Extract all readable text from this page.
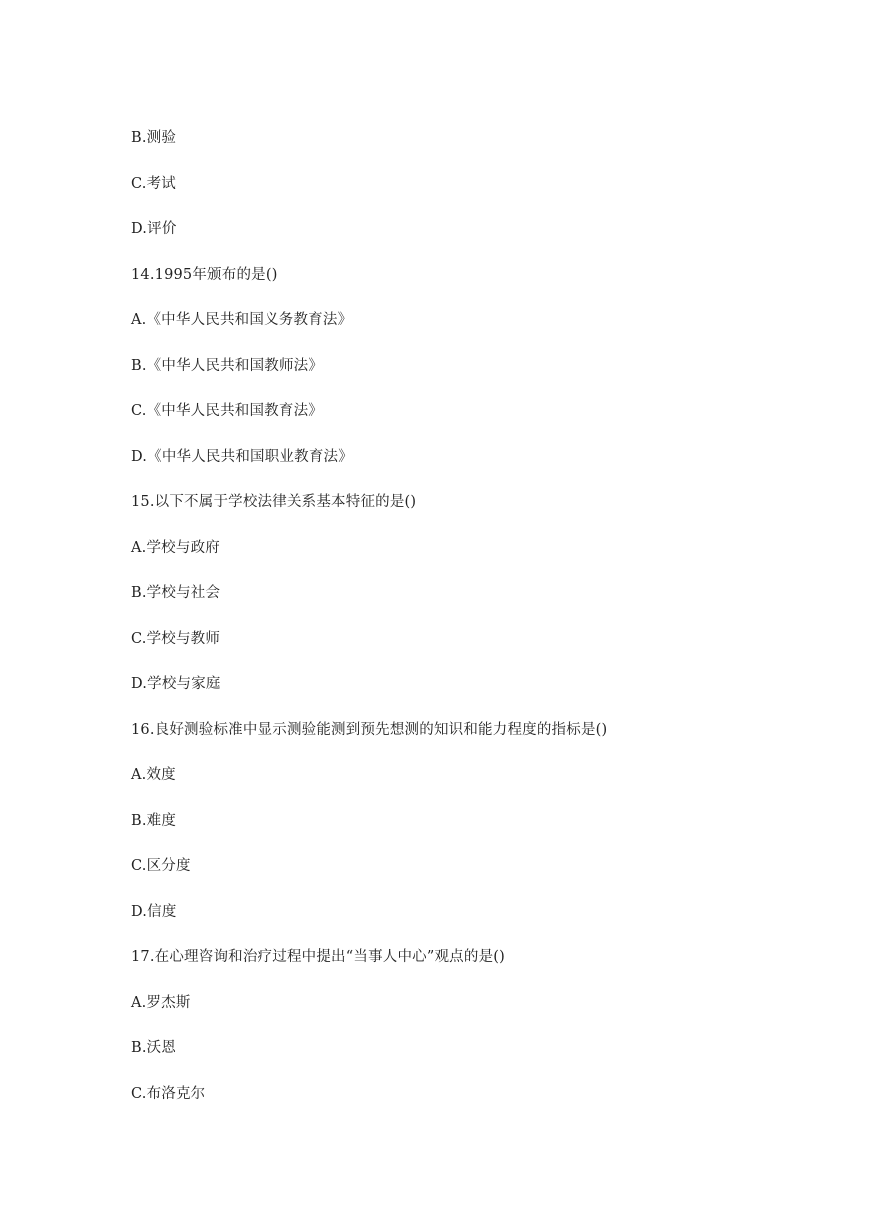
B.测验
C.考试
D.评价
14.1995年颁布的是()
A.《中华人民共和国义务教育法》
B.《中华人民共和国教师法》
C.《中华人民共和国教育法》
D.《中华人民共和国职业教育法》
15.以下不属于学校法律关系基本特征的是()
A.学校与政府
B.学校与社会
C.学校与教师
D.学校与家庭
16.良好测验标准中显示测验能测到预先想测的知识和能力程度的指标是()
A.效度
B.难度
C.区分度
D.信度
17.在心理咨询和治疗过程中提出“当事人中心”观点的是()
A.罗杰斯
B.沃恩
C.布洛克尔
